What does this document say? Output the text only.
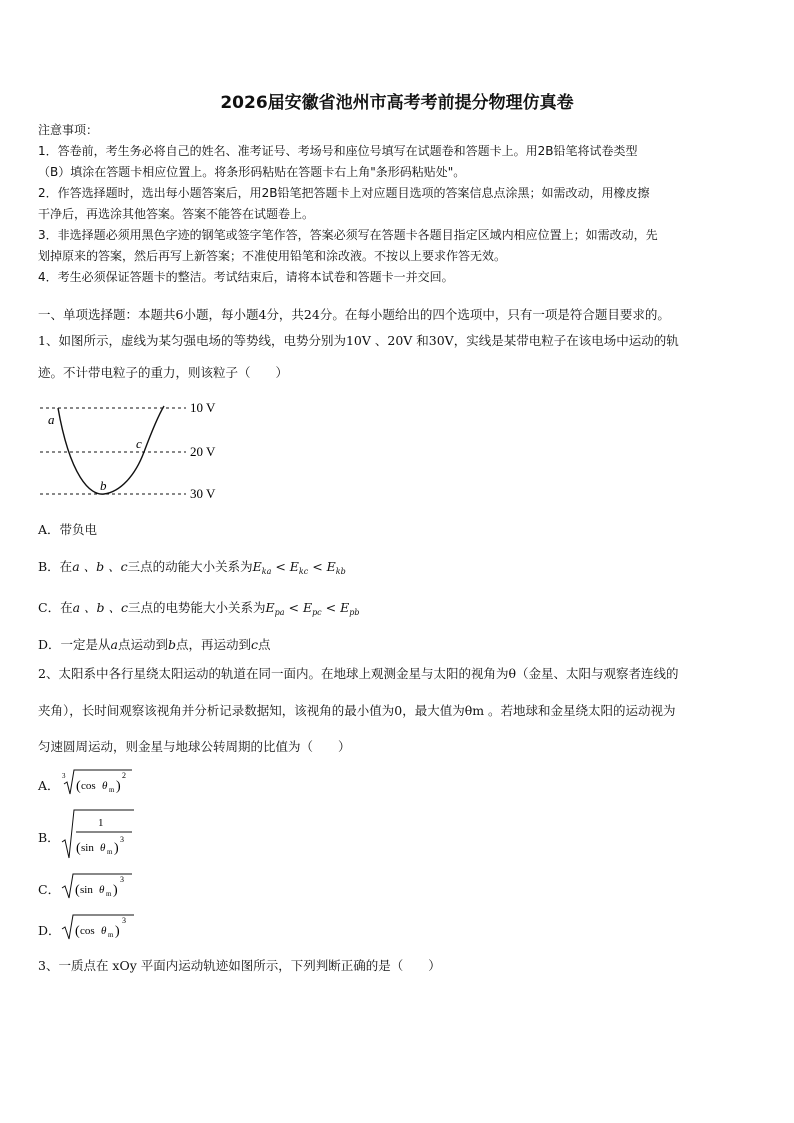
2026届安徽省池州市高考考前提分物理仿真卷
注意事项：
1．答卷前，考生务必将自己的姓名、准考证号、考场号和座位号填写在试题卷和答题卡上。用2B铅笔将试卷类型
（B）填涂在答题卡相应位置上。将条形码粘贴在答题卡右上角"条形码粘贴处"。
2．作答选择题时，选出每小题答案后，用2B铅笔把答题卡上对应题目选项的答案信息点涂黑；如需改动，用橡皮擦
干净后，再选涂其他答案。答案不能答在试题卷上。
3．非选择题必须用黑色字迹的钢笔或签字笔作答，答案必须写在答题卡各题目指定区域内相应位置上；如需改动，先
划掉原来的答案，然后再写上新答案；不准使用铅笔和涂改液。不按以上要求作答无效。
4．考生必须保证答题卡的整洁。考试结束后，请将本试卷和答题卡一并交回。
一、单项选择题：本题共6小题，每小题4分，共24分。在每小题给出的四个选项中，只有一项是符合题目要求的。
1、如图所示，虚线为某匀强电场的等势线，电势分别为10V 、20V 和30V，实线是某带电粒子在该电场中运动的轨
迹。不计带电粒子的重力，则该粒子（　　）
10 V
20 V
30 V
a
b
c
A．带负电
B．在a 、b 、c三点的动能大小关系为$E_{ka} < E_{kc} < E_{kb}$
C．在a 、b 、c三点的电势能大小关系为$E_{pa} < E_{pc} < E_{pb}$
D．一定是从a点运动到b点，再运动到c点
2、太阳系中各行星绕太阳运动的轨道在同一面内。在地球上观测金星与太阳的视角为θ（金星、太阳与观察者连线的
夹角），长时间观察该视角并分析记录数据知，该视角的最小值为0，最大值为θm 。若地球和金星绕太阳的运动视为
匀速圆周运动，则金星与地球公转周期的比值为（　　）
A．
3
( cos θ m )
2
B．
1
( sin θ m )
3
C． ( sin θ m )
3
D． ( cos θ m )
3
3、一质点在 xOy 平面内运动轨迹如图所示，下列判断正确的是（　　）
